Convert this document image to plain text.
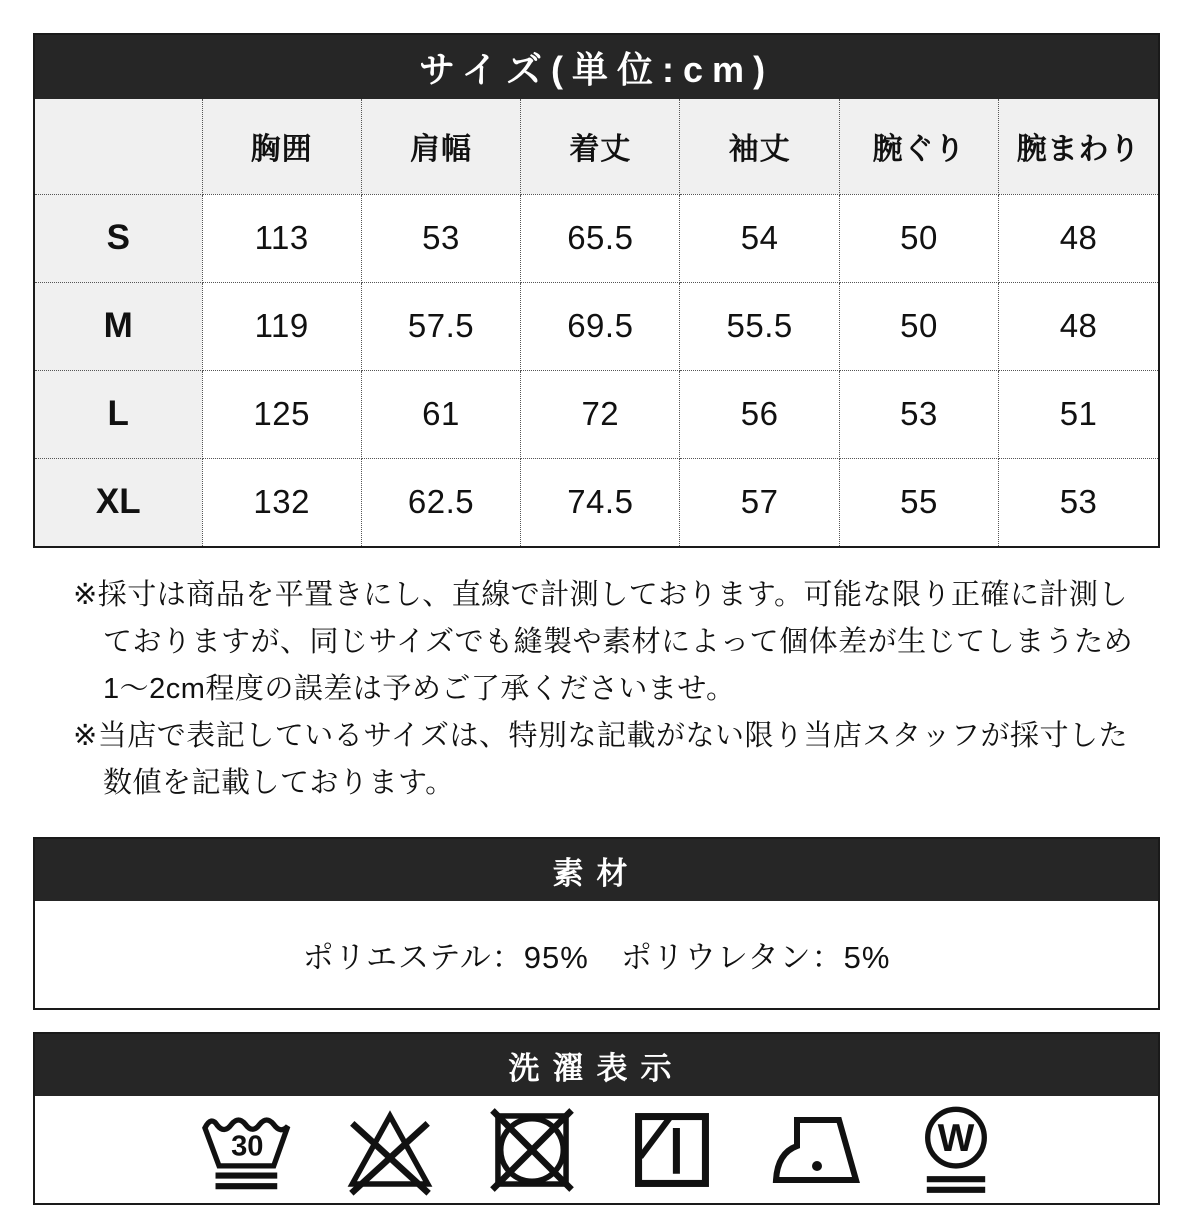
サイズ(単位:cm)
	胸囲	肩幅	着丈	袖丈	腕ぐり	腕まわり
S	113	53	65.5	54	50	48
M	119	57.5	69.5	55.5	50	48
L	125	61	72	56	53	51
XL	132	62.5	74.5	57	55	53
※採寸は商品を平置きにし、直線で計測しております。可能な限り正確に計測し
ておりますが、同じサイズでも縫製や素材によって個体差が生じてしまうため
1〜2cm程度の誤差は予めご了承くださいませ。
※当店で表記しているサイズは、特別な記載がない限り当店スタッフが採寸した
数値を記載しております。
素材
ポリエステル：95%　ポリウレタン：5%
洗濯表示
30	W
